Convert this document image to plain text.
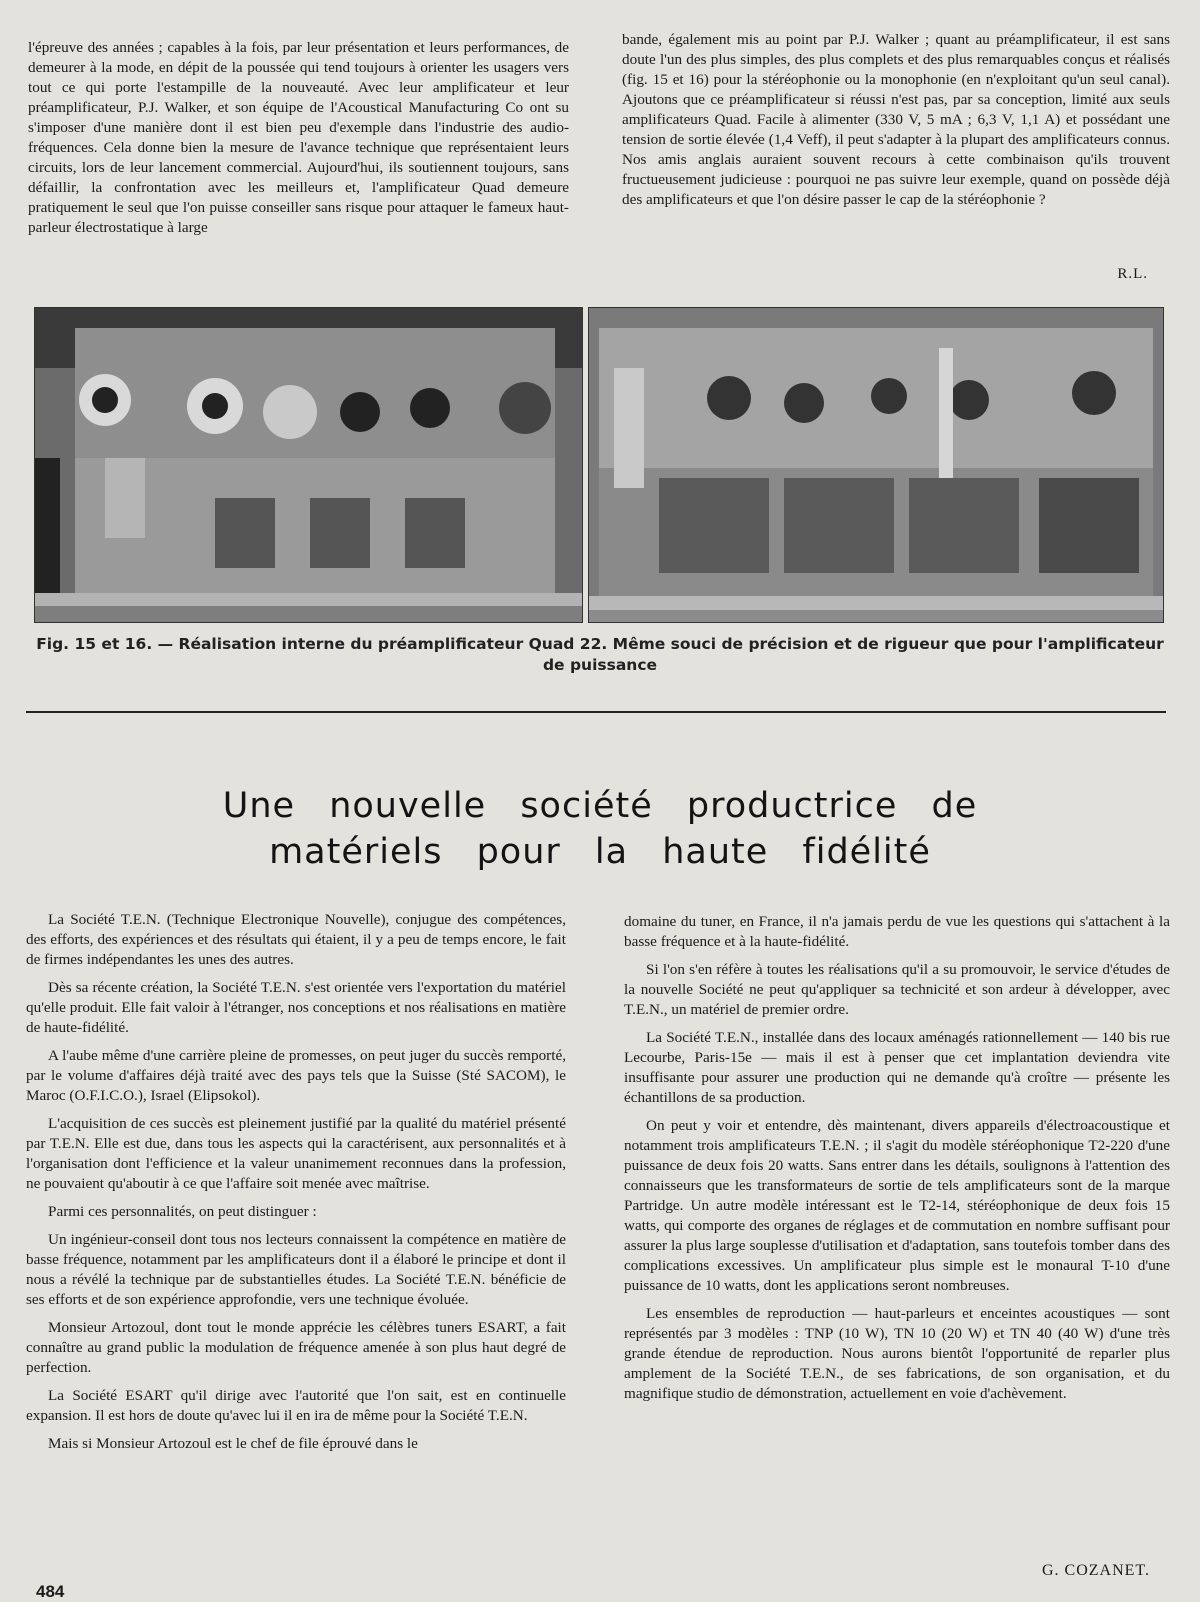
l'épreuve des années ; capables à la fois, par leur présentation et leurs performances, de demeurer à la mode, en dépit de la poussée qui tend toujours à orienter les usagers vers tout ce qui porte l'estampille de la nouveauté. Avec leur amplificateur et leur préamplificateur, P.J. Walker, et son équipe de l'Acoustical Manufacturing Co ont su s'imposer d'une manière dont il est bien peu d'exemple dans l'industrie des audio-fréquences. Cela donne bien la mesure de l'avance technique que représentaient leurs circuits, lors de leur lancement commercial. Aujourd'hui, ils soutiennent toujours, sans défaillir, la confrontation avec les meilleurs et, l'amplificateur Quad demeure pratiquement le seul que l'on puisse conseiller sans risque pour attaquer le fameux haut-parleur électrostatique à large

bande, également mis au point par P.J. Walker ; quant au préamplificateur, il est sans doute l'un des plus simples, des plus complets et des plus remarquables conçus et réalisés (fig. 15 et 16) pour la stéréophonie ou la monophonie (en n'exploitant qu'un seul canal). Ajoutons que ce préamplificateur si réussi n'est pas, par sa conception, limité aux seuls amplificateurs Quad. Facile à alimenter (330 V, 5 mA ; 6,3 V, 1,1 A) et possédant une tension de sortie élevée (1,4 Veff), il peut s'adapter à la plupart des amplificateurs connus. Nos amis anglais auraient souvent recours à cette combinaison qu'ils trouvent fructueusement judicieuse : pourquoi ne pas suivre leur exemple, quand on possède déjà des amplificateurs et que l'on désire passer le cap de la stéréophonie ?

R.L.
Fig. 15 et 16. — Réalisation interne du préamplificateur Quad 22. Même souci de précision et de rigueur que pour l'amplificateur de puissance
Une nouvelle société productrice de
matériels pour la haute fidélité

La Société T.E.N. (Technique Electronique Nouvelle), conjugue des compétences, des efforts, des expériences et des résultats qui étaient, il y a peu de temps encore, le fait de firmes indépendantes les unes des autres.

Dès sa récente création, la Société T.E.N. s'est orientée vers l'exportation du matériel qu'elle produit. Elle fait valoir à l'étranger, nos conceptions et nos réalisations en matière de haute-fidélité.

A l'aube même d'une carrière pleine de promesses, on peut juger du succès remporté, par le volume d'affaires déjà traité avec des pays tels que la Suisse (Sté SACOM), le Maroc (O.F.I.C.O.), Israel (Elipsokol).

L'acquisition de ces succès est pleinement justifié par la qualité du matériel présenté par T.E.N. Elle est due, dans tous les aspects qui la caractérisent, aux personnalités et à l'organisation dont l'efficience et la valeur unanimement reconnues dans la profession, ne pouvaient qu'aboutir à ce que l'affaire soit menée avec maîtrise.

Parmi ces personnalités, on peut distinguer :

Un ingénieur-conseil dont tous nos lecteurs connaissent la compétence en matière de basse fréquence, notamment par les amplificateurs dont il a élaboré le principe et dont il nous a révélé la technique par de substantielles études. La Société T.E.N. bénéficie de ses efforts et de son expérience approfondie, vers une technique évoluée.

Monsieur Artozoul, dont tout le monde apprécie les célèbres tuners ESART, a fait connaître au grand public la modulation de fréquence amenée à son plus haut degré de perfection.

La Société ESART qu'il dirige avec l'autorité que l'on sait, est en continuelle expansion. Il est hors de doute qu'avec lui il en ira de même pour la Société T.E.N.

Mais si Monsieur Artozoul est le chef de file éprouvé dans le

domaine du tuner, en France, il n'a jamais perdu de vue les questions qui s'attachent à la basse fréquence et à la haute-fidélité.

Si l'on s'en réfère à toutes les réalisations qu'il a su promouvoir, le service d'études de la nouvelle Société ne peut qu'appliquer sa technicité et son ardeur à développer, avec T.E.N., un matériel de premier ordre.

La Société T.E.N., installée dans des locaux aménagés rationnellement — 140 bis rue Lecourbe, Paris-15e — mais il est à penser que cet implantation deviendra vite insuffisante pour assurer une production qui ne demande qu'à croître — présente les échantillons de sa production.

On peut y voir et entendre, dès maintenant, divers appareils d'électroacoustique et notamment trois amplificateurs T.E.N. ; il s'agit du modèle stéréophonique T2-220 d'une puissance de deux fois 20 watts. Sans entrer dans les détails, soulignons à l'attention des connaisseurs que les transformateurs de sortie de tels amplificateurs sont de la marque Partridge. Un autre modèle intéressant est le T2-14, stéréophonique de deux fois 15 watts, qui comporte des organes de réglages et de commutation en nombre suffisant pour assurer la plus large souplesse d'utilisation et d'adaptation, sans toutefois tomber dans des complications excessives. Un amplificateur plus simple est le monaural T-10 d'une puissance de 10 watts, dont les applications seront nombreuses.

Les ensembles de reproduction — haut-parleurs et enceintes acoustiques — sont représentés par 3 modèles : TNP (10 W), TN 10 (20 W) et TN 40 (40 W) d'une très grande étendue de reproduction. Nous aurons bientôt l'opportunité de reparler plus amplement de la Société T.E.N., de ses fabrications, de son organisation, et du magnifique studio de démonstration, actuellement en voie d'achèvement.

G. COZANET.
484
